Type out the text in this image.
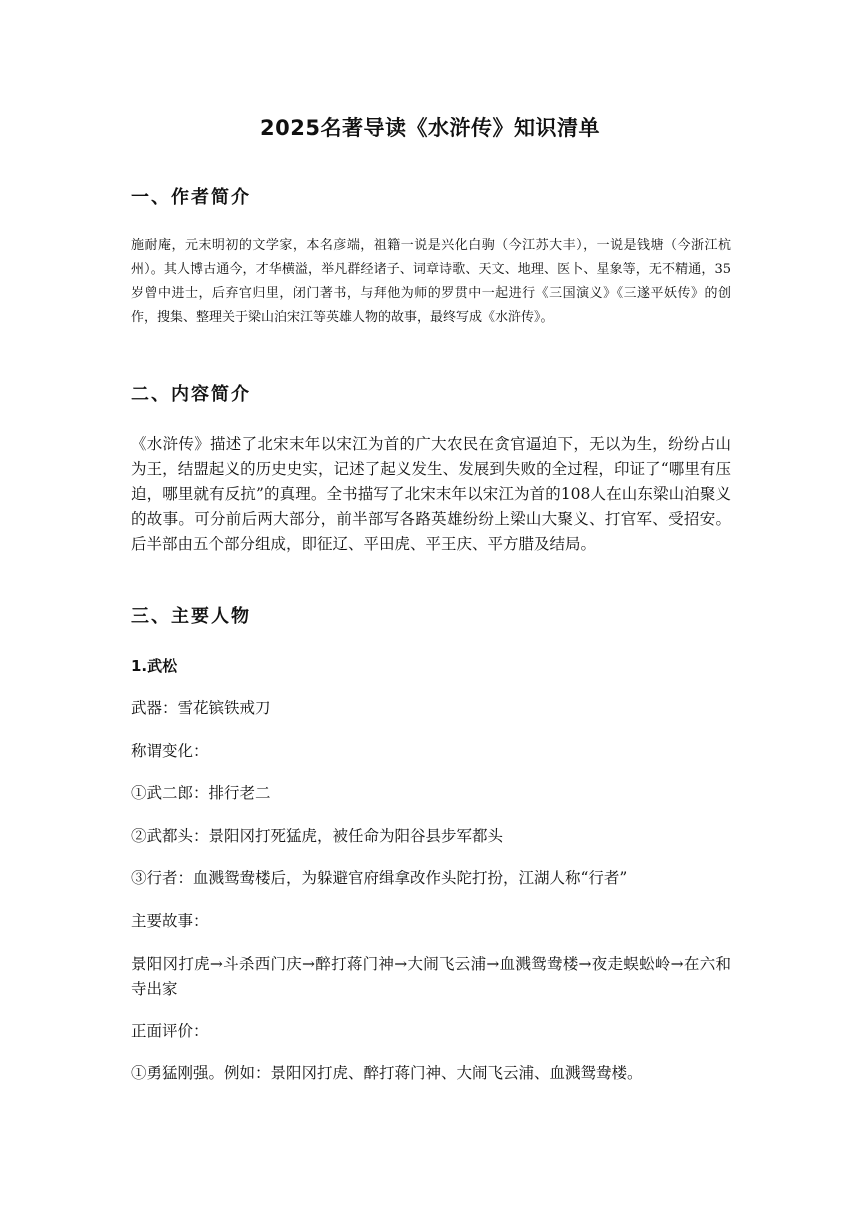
2025名著导读《水浒传》知识清单
一、作者简介
施耐庵，元末明初的文学家，本名彦端，祖籍一说是兴化白驹（今江苏大丰），一说是钱塘（今浙江杭州）。其人博古通今，才华横溢，举凡群经诸子、词章诗歌、天文、地理、医卜、星象等，无不精通，35岁曾中进士，后弃官归里，闭门著书，与拜他为师的罗贯中一起进行《三国演义》《三遂平妖传》的创作，搜集、整理关于梁山泊宋江等英雄人物的故事，最终写成《水浒传》。
二、内容简介
《水浒传》描述了北宋末年以宋江为首的广大农民在贪官逼迫下，无以为生，纷纷占山为王，结盟起义的历史史实，记述了起义发生、发展到失败的全过程，印证了“哪里有压迫，哪里就有反抗”的真理。全书描写了北宋末年以宋江为首的108人在山东梁山泊聚义的故事。可分前后两大部分，前半部写各路英雄纷纷上梁山大聚义、打官军、受招安。后半部由五个部分组成，即征辽、平田虎、平王庆、平方腊及结局。
三、主要人物
1.武松
武器：雪花镔铁戒刀
称谓变化：
①武二郎：排行老二
②武都头：景阳冈打死猛虎，被任命为阳谷县步军都头
③行者：血溅鸳鸯楼后，为躲避官府缉拿改作头陀打扮，江湖人称“行者”
主要故事：
景阳冈打虎→斗杀西门庆→醉打蒋门神→大闹飞云浦→血溅鸳鸯楼→夜走蜈蚣岭→在六和寺出家
正面评价：
①勇猛刚强。例如：景阳冈打虎、醉打蒋门神、大闹飞云浦、血溅鸳鸯楼。
